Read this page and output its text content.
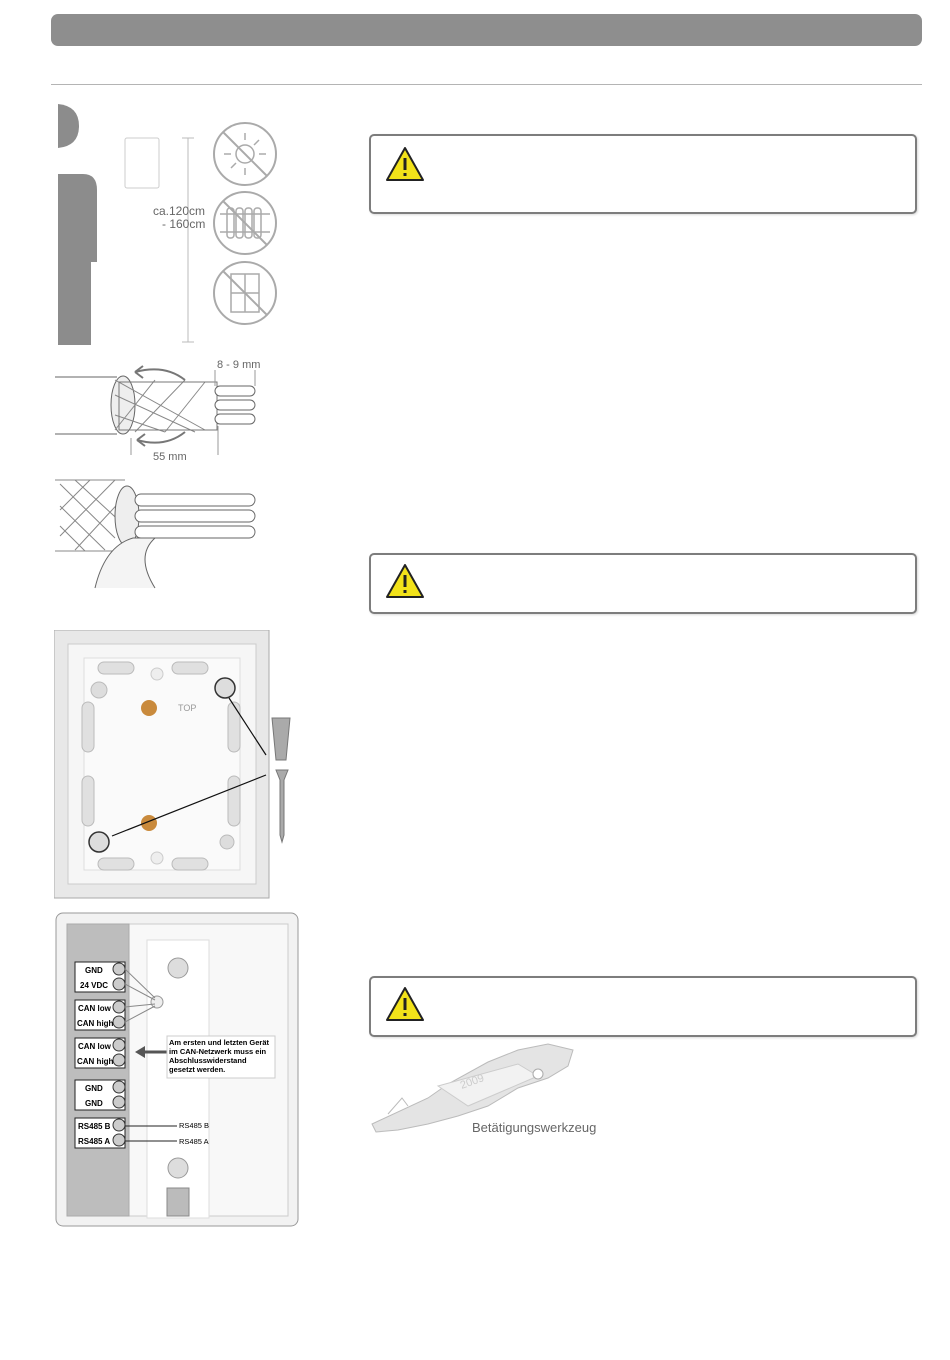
ca.120cm
- 160cm
8 - 9 mm
55 mm
TOP
GND
24 VDC
CAN low
CAN high
CAN low
CAN high
GND
GND
RS485 B
RS485 A
Am ersten und letzten Gerät im CAN-Netzwerk muss ein Abschlusswiderstand gesetzt werden.
RS485 B
RS485 A
2009
Betätigungswerkzeug
